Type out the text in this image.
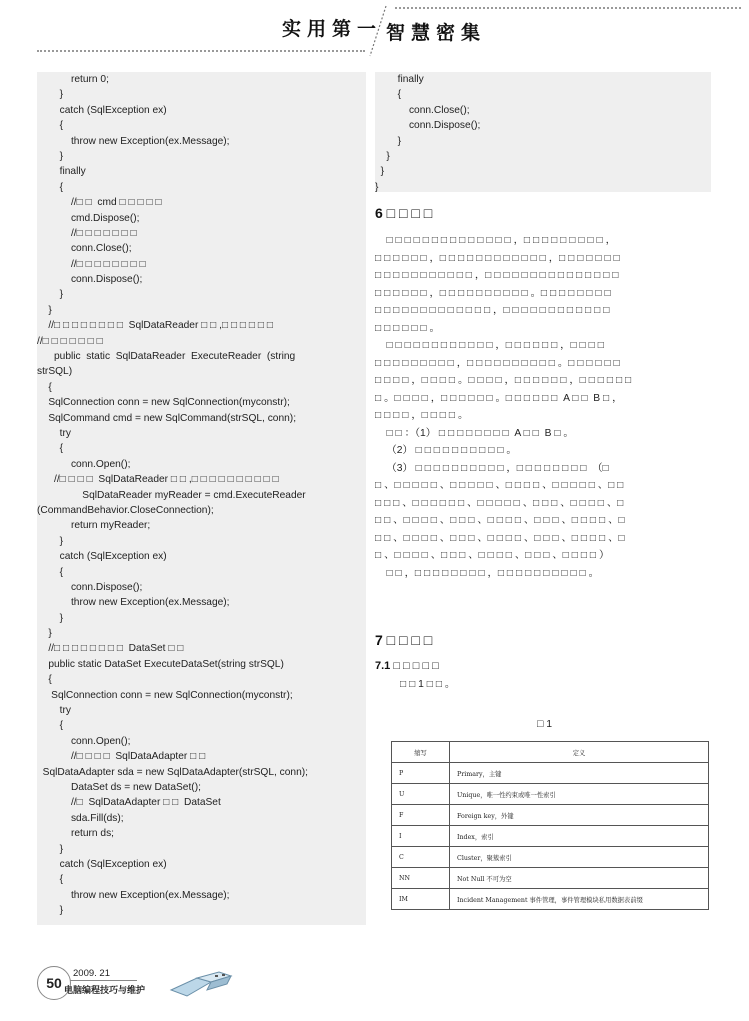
实用第一 智慧密集
return 0;
}
catch (SqlException ex)
{
throw new Exception(ex.Message);
}
finally
{
//□ □  cmd □ □ □ □ □
cmd.Dispose();
//□ □ □ □ □ □ □
conn.Close();
//□ □ □ □ □ □ □ □
conn.Dispose();
}
}
//□ □ □ □ □ □ □ □  SqlDataReader □ □ ,□ □ □ □ □ □
//□ □ □ □ □ □ □
public  static  SqlDataReader  ExecuteReader  (string
strSQL)
{
SqlConnection conn = new SqlConnection(myconstr);
SqlCommand cmd = new SqlCommand(strSQL, conn);
try
{
conn.Open();
//□ □ □ □  SqlDataReader □ □ ,□ □ □ □ □ □ □ □ □ □
SqlDataReader myReader = cmd.ExecuteReader
(CommandBehavior.CloseConnection);
return myReader;
}
catch (SqlException ex)
{
conn.Dispose();
throw new Exception(ex.Message);
}
}
//□ □ □ □ □ □ □ □  DataSet □ □
public static DataSet ExecuteDataSet(string strSQL)
{
SqlConnection conn = new SqlConnection(myconstr);
try
{
conn.Open();
//□ □ □ □  SqlDataAdapter □ □
SqlDataAdapter sda = new SqlDataAdapter(strSQL, conn);
DataSet ds = new DataSet();
//□  SqlDataAdapter □ □  DataSet
sda.Fill(ds);
return ds;
}
catch (SqlException ex)
{
throw new Exception(ex.Message);
}
finally
{
conn.Close();
conn.Dispose();
}
}
}
}
6 □ □ □ □
□ □ □ □ □ □ □ □ □ □ □ □ □ □ ，□ □ □ □ □ □ □ □ □ ，
□ □ □ □ □ □ ，□ □ □ □ □ □ □ □ □ □ □ □ ，□ □ □ □ □ □ □
□ □ □ □ □ □ □ □ □ □ □ ，□ □ □ □ □ □ □ □ □ □ □ □ □ □ □
□ □ □ □ □ □ ，□ □ □ □ □ □ □ □ □ □ 。□ □ □ □ □ □ □ □
□ □ □ □ □ □ □ □ □ □ □ □ □ ，□ □ □ □ □ □ □ □ □ □ □ □
□ □ □ □ □ □ 。
□ □ □ □ □ □ □ □ □ □ □ □ ，□ □ □ □ □ □ ，□ □ □ □
□ □ □ □ □ □ □ □ □ ，□ □ □ □ □ □ □ □ □ □ 。□ □ □ □ □ □
□ □ □ □ ，□ □ □ □ 。□ □ □ □ ，□ □ □ □ □ □ ，□ □ □ □ □ □
□ 。□ □ □ □ ，□ □ □ □ □ □ 。□ □ □ □ □ □  A □ □  B □ ，
□ □ □ □ ，□ □ □ □ 。
□ □ ：（1） □ □ □ □ □ □ □ □  A □ □  B □ 。
（2） □ □ □ □ □ □ □ □ □ □ 。
（3） □ □ □ □ □ □ □ □ □ □ ，□ □ □ □ □ □ □ □  （□
□ 、□ □ □ □ □ 、□ □ □ □ □ 、□ □ □ □ 、□ □ □ □ □ 、□ □
□ □ □ 、□ □ □ □ □ □ 、□ □ □ □ □ 、□ □ □ 、□ □ □ □ 、□
□ □ 、□ □ □ □ 、□ □ □ 、□ □ □ □ 、□ □ □ 、□ □ □ □ 、□
□ □ 、□ □ □ □ 、□ □ □ 、□ □ □ □ 、□ □ □ 、□ □ □ □ 、□
□ 、□ □ □ □ 、□ □ □ 、□ □ □ □ 、□ □ □ 、□ □ □ □ ）
□ □ ，□ □ □ □ □ □ □ □ ，□ □ □ □ □ □ □ □ □ □ 。
7 □ □ □ □
7.1 □ □ □ □ □
□ □ 1 □ □ 。
□ 1
缩写	定义
P	Primary，主键
U	Unique，唯一性约束或唯一性索引
F	Foreign key，外键
I	Index，索引
C	Cluster，聚簇索引
NN	Not Null 不可为空
IM	Incident Management 事件管理，事件管理模块私用数据表前缀
50
2009. 21
电脑编程技巧与维护
